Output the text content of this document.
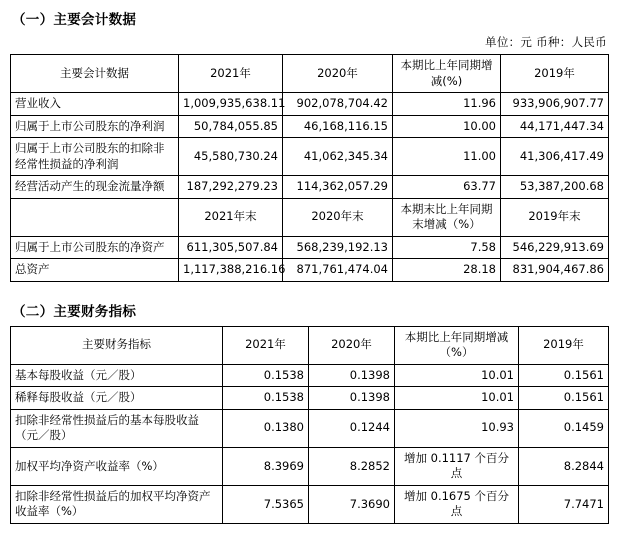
（一）主要会计数据
单位：元 币种：人民币
主要会计数据	2021年	2020年	本期比上年同期增减(%)	2019年
营业收入	1,009,935,638.11	902,078,704.42	11.96	933,906,907.77
归属于上市公司股东的净利润	50,784,055.85	46,168,116.15	10.00	44,171,447.34
归属于上市公司股东的扣除非经常性损益的净利润	45,580,730.24	41,062,345.34	11.00	41,306,417.49
经营活动产生的现金流量净额	187,292,279.23	114,362,057.29	63.77	53,387,200.68
	2021年末	2020年末	本期末比上年同期末增减（%）	2019年末
归属于上市公司股东的净资产	611,305,507.84	568,239,192.13	7.58	546,229,913.69
总资产	1,117,388,216.16	871,761,474.04	28.18	831,904,467.86
（二）主要财务指标
主要财务指标	2021年	2020年	本期比上年同期增减（%）	2019年
基本每股收益（元／股）	0.1538	0.1398	10.01	0.1561
稀释每股收益（元／股）	0.1538	0.1398	10.01	0.1561
扣除非经常性损益后的基本每股收益（元／股）	0.1380	0.1244	10.93	0.1459
加权平均净资产收益率（%）	8.3969	8.2852	增加 0.1117 个百分点	8.2844
扣除非经常性损益后的加权平均净资产收益率（%）	7.5365	7.3690	增加 0.1675 个百分点	7.7471
